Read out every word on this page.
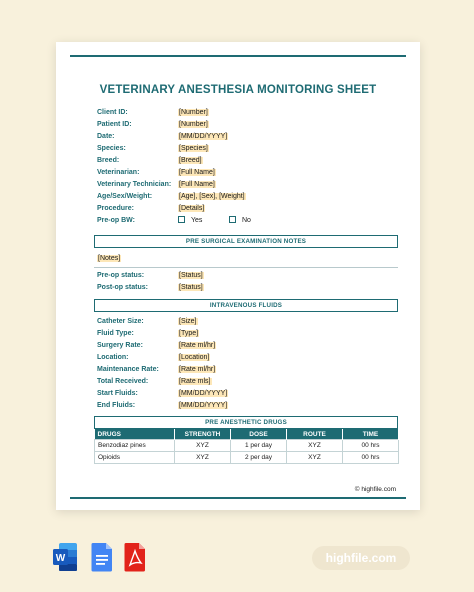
VETERINARY ANESTHESIA MONITORING SHEET
Client ID:	[Number]
Patient ID:	[Number]
Date:	[MM/DD/YYYY]
Species:	[Species]
Breed:	[Breed]
Veterinarian:	[Full Name]
Veterinary Technician: [Full Name]
Age/Sex/Weight:	[Age], [Sex], [Weight]
Procedure:	[Details]
Pre-op BW:	Yes	No
PRE SURGICAL EXAMINATION NOTES
[Notes]
Pre-op status:	[Status]
Post-op status:	[Status]
INTRAVENOUS FLUIDS
Catheter Size:	[Size]
Fluid Type:	[Type]
Surgery Rate:	[Rate ml/hr]
Location:	[Location]
Maintenance Rate:	[Rate ml/hr]
Total Received:	[Rate mls]
Start Fluids:	[MM/DD/YYYY]
End Fluids:	[MM/DD/YYYY]
PRE ANESTHETIC DRUGS
DRUGS	STRENGTH	DOSE	ROUTE	TIME
Benzodiaz pines	XYZ	1 per day	XYZ	00 hrs
Opioids	XYZ	2 per day	XYZ	00 hrs
© highfile.com
W	highfile.com
